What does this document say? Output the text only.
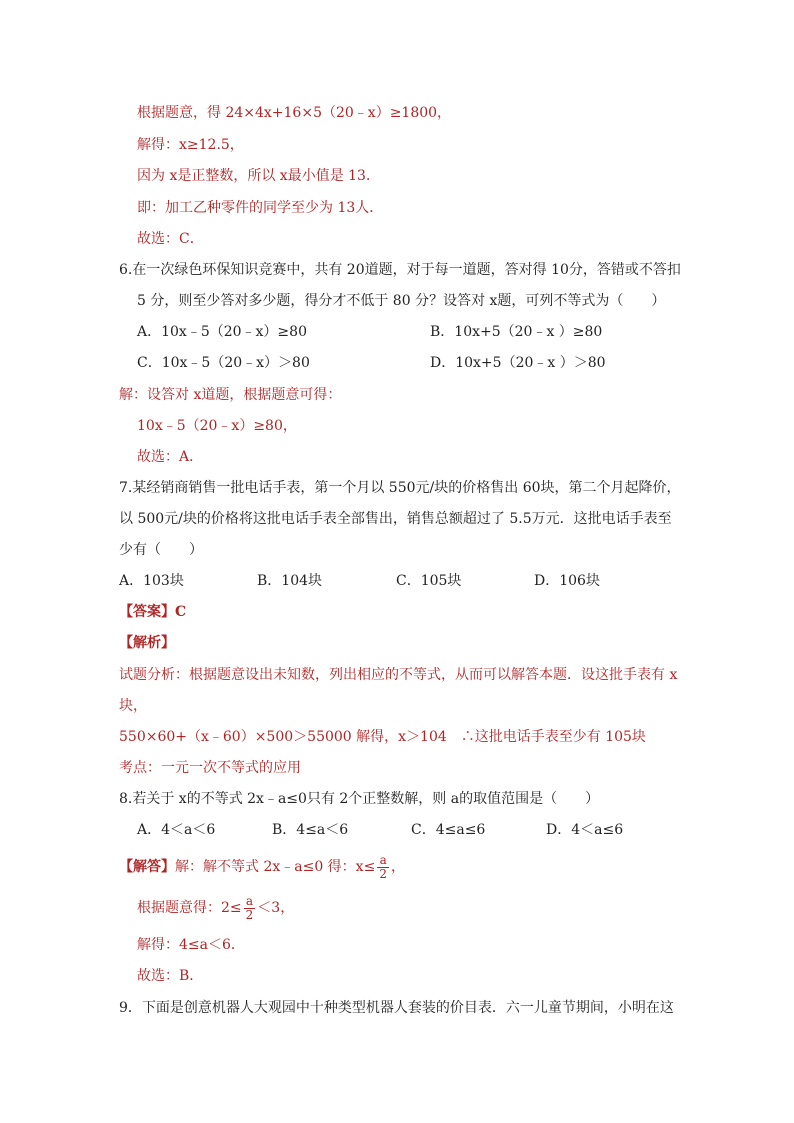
根据题意，得 24×4x+16×5（20﹣x）≥1800，
解得：x≥12.5，
因为 x是正整数，所以 x最小值是 13．
即：加工乙种零件的同学至少为 13人．
故选：C．
6.在一次绿色环保知识竞赛中，共有 20道题，对于每一道题，答对得 10分，答错或不答扣
5 分，则至少答对多少题，得分才不低于 80 分？设答对 x题，可列不等式为（　　）
A．10x﹣5（20﹣x）≥80	B．10x+5（20﹣x ）≥80
C．10x﹣5（20﹣x）＞80	D．10x+5（20﹣x ）＞80
解：设答对 x道题，根据题意可得：
10x﹣5（20﹣x）≥80，
故选：A．
7.某经销商销售一批电话手表，第一个月以 550元/块的价格售出 60块，第二个月起降价，
以 500元/块的价格将这批电话手表全部售出，销售总额超过了 5.5万元．这批电话手表至
少有（　　）
A．103块	B．104块	C．105块	D．106块
【答案】C
【解析】
试题分析：根据题意设出未知数，列出相应的不等式，从而可以解答本题．设这批手表有 x
块，
550×60+（x﹣60）×500＞55000 解得，x＞104　∴这批电话手表至少有 105块
考点：一元一次不等式的应用
8.若关于 x的不等式 2x﹣a≤0只有 2个正整数解，则 a的取值范围是（　　）
A．4＜a＜6	B．4≤a＜6	C．4≤a≤6	D．4＜a≤6
【解答】解：解不等式 2x﹣a≤0 得：$x\le \frac{a}{2}$ ，
根据题意得：$2\le \frac{a}{2} <3$，
解得：4≤a＜6．
故选：B．
9．下面是创意机器人大观园中十种类型机器人套装的价目表．六一儿童节期间，小明在这
